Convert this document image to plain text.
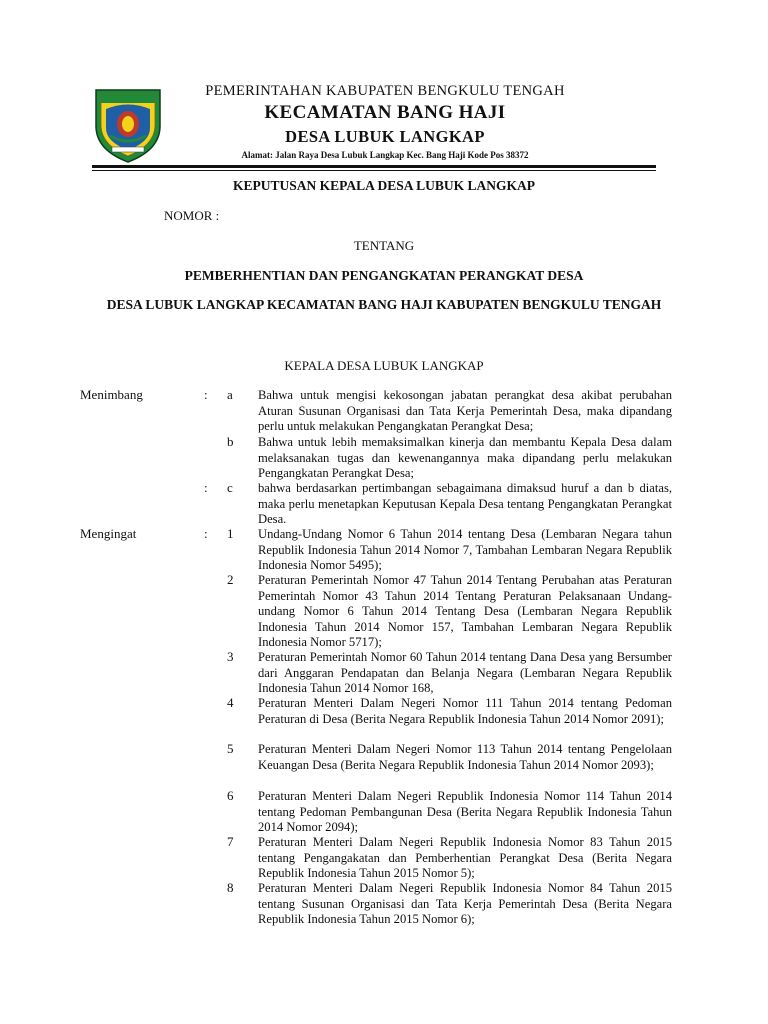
PEMERINTAHAN KABUPATEN BENGKULU TENGAH
KECAMATAN BANG HAJI
DESA LUBUK LANGKAP
Alamat: Jalan Raya Desa Lubuk Langkap Kec. Bang Haji Kode Pos 38372
KEPUTUSAN KEPALA DESA LUBUK LANGKAP
NOMOR :
TENTANG
PEMBERHENTIAN DAN PENGANGKATAN PERANGKAT DESA
DESA LUBUK LANGKAP KECAMATAN BANG HAJI KABUPATEN BENGKULU TENGAH
KEPALA DESA LUBUK LANGKAP
Menimbang	: a Bahwa untuk mengisi kekosongan jabatan perangkat desa akibat perubahan Aturan Susunan Organisasi dan Tata Kerja Pemerintah Desa, maka dipandang perlu untuk melakukan Pengangkatan Perangkat Desa;
b Bahwa untuk lebih memaksimalkan kinerja dan membantu Kepala Desa dalam melaksanakan tugas dan kewenangannya maka dipandang perlu melakukan Pengangkatan Perangkat Desa;
: c bahwa berdasarkan pertimbangan sebagaimana dimaksud huruf a dan b diatas, maka perlu menetapkan Keputusan Kepala Desa tentang Pengangkatan Perangkat Desa.
Mengingat	: 1 Undang-Undang Nomor 6 Tahun 2014 tentang Desa (Lembaran Negara tahun Republik Indonesia Tahun 2014 Nomor 7, Tambahan Lembaran Negara Republik Indonesia Nomor 5495);
2 Peraturan Pemerintah Nomor 47 Tahun 2014 Tentang Perubahan atas Peraturan Pemerintah Nomor 43 Tahun 2014 Tentang Peraturan Pelaksanaan Undang-undang Nomor 6 Tahun 2014 Tentang Desa (Lembaran Negara Republik Indonesia Tahun 2014 Nomor 157, Tambahan Lembaran Negara Republik Indonesia Nomor 5717);
3 Peraturan Pemerintah Nomor 60 Tahun 2014 tentang Dana Desa yang Bersumber dari Anggaran Pendapatan dan Belanja Negara (Lembaran Negara Republik Indonesia Tahun 2014 Nomor 168,
4 Peraturan Menteri Dalam Negeri Nomor 111 Tahun 2014 tentang Pedoman Peraturan di Desa (Berita Negara Republik Indonesia Tahun 2014 Nomor 2091);
5 Peraturan Menteri Dalam Negeri Nomor 113 Tahun 2014 tentang Pengelolaan Keuangan Desa (Berita Negara Republik Indonesia Tahun 2014 Nomor 2093);
6 Peraturan Menteri Dalam Negeri Republik Indonesia Nomor 114 Tahun 2014 tentang Pedoman Pembangunan Desa (Berita Negara Republik Indonesia Tahun 2014 Nomor 2094);
7 Peraturan Menteri Dalam Negeri Republik Indonesia Nomor 83 Tahun 2015 tentang Pengangakatan dan Pemberhentian Perangkat Desa (Berita Negara Republik Indonesia Tahun 2015 Nomor 5);
8 Peraturan Menteri Dalam Negeri Republik Indonesia Nomor 84 Tahun 2015 tentang Susunan Organisasi dan Tata Kerja Pemerintah Desa (Berita Negara Republik Indonesia Tahun 2015 Nomor 6);
